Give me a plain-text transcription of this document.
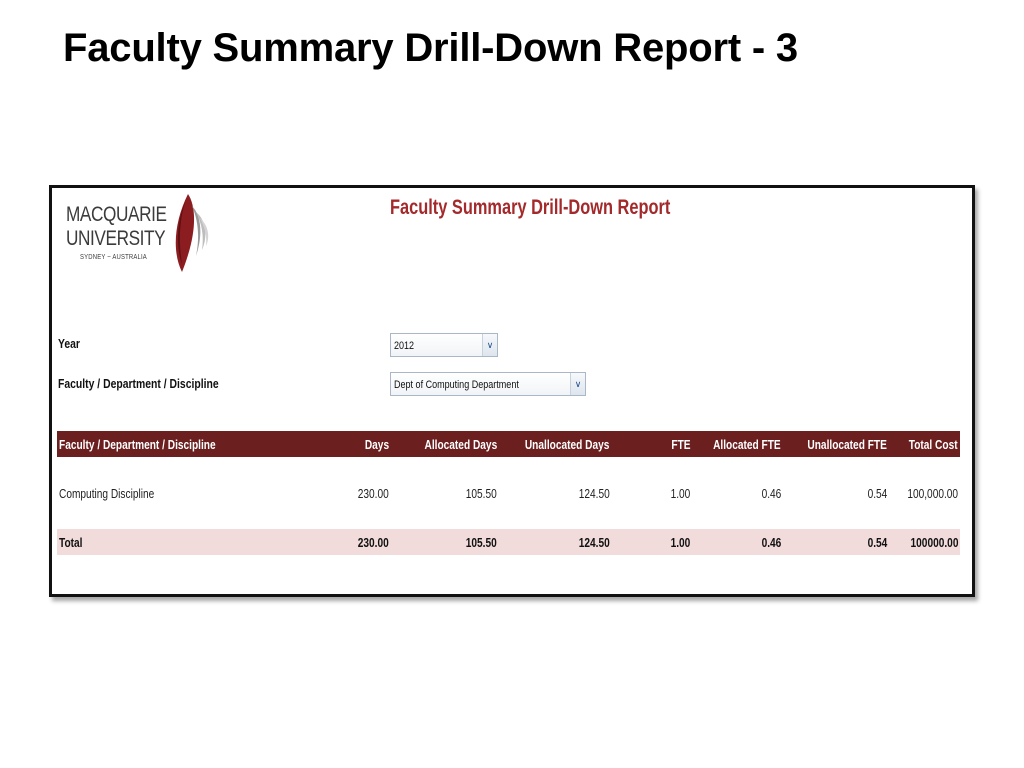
Faculty Summary Drill-Down Report - 3
MACQUARIE
UNIVERSITY
SYDNEY ~ AUSTRALIA
Faculty Summary Drill-Down Report
Year	2012	∨
Faculty / Department / Discipline	Dept of Computing Department	∨
Faculty / Department / Discipline	Days	Allocated Days	Unallocated Days	FTE	Allocated FTE	Unallocated FTE	Total Cost
Computing Discipline	230.00	105.50	124.50	1.00	0.46	0.54	100,000.00
Total	230.00	105.50	124.50	1.00	0.46	0.54	100000.00
